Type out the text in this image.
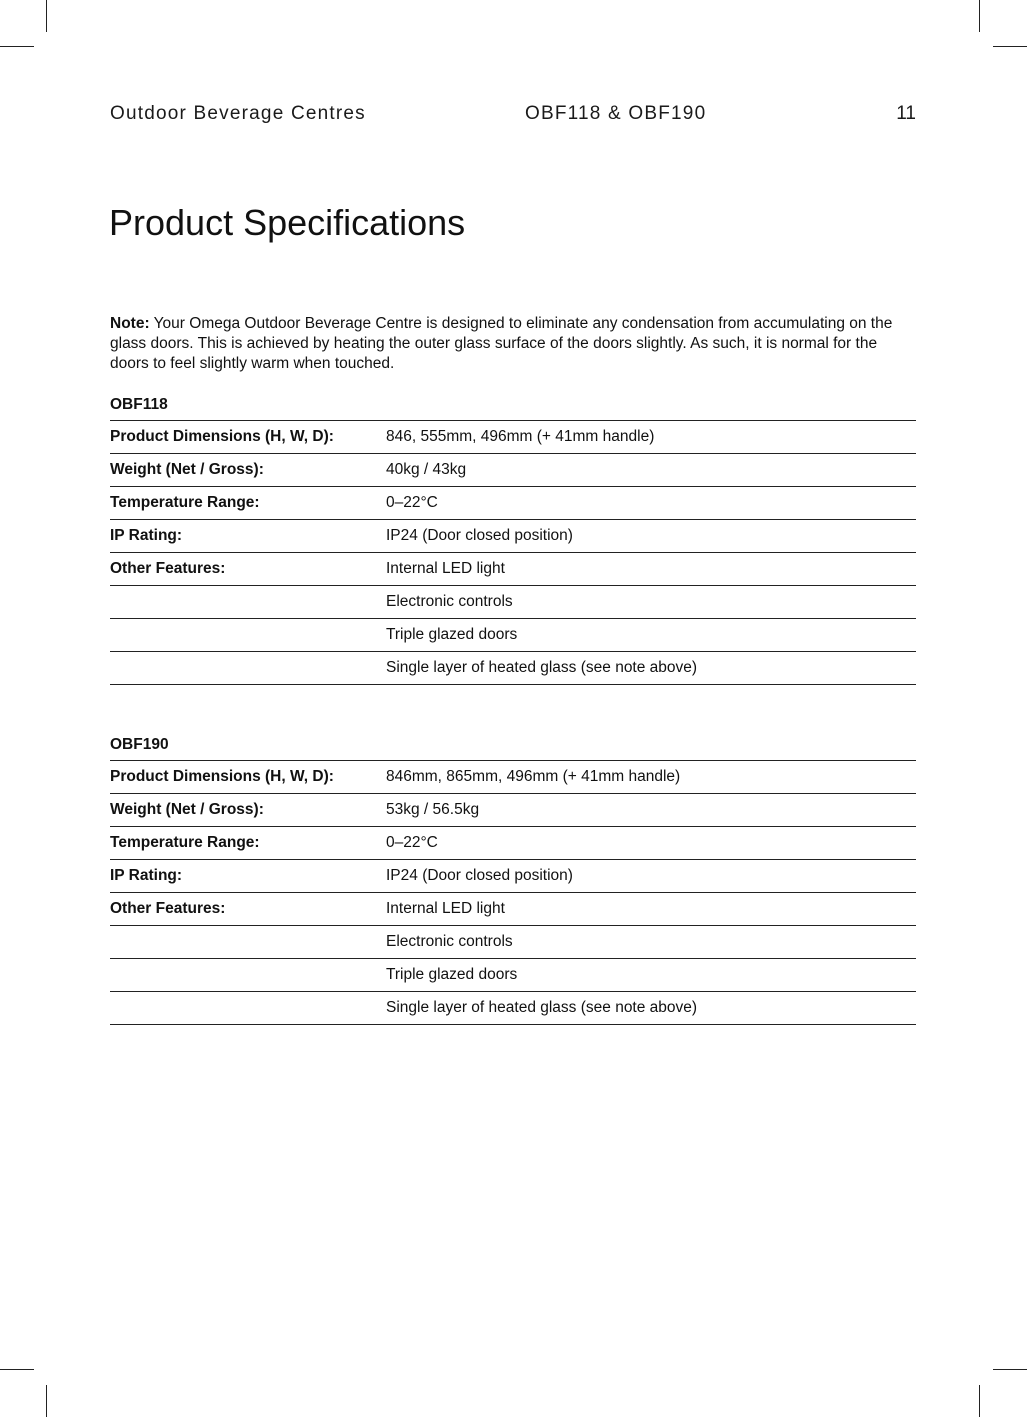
Outdoor Beverage Centres	OBF118 & OBF190	11
Product Specifications

Note: Your Omega Outdoor Beverage Centre is designed to eliminate any condensation from accumulating on the glass doors. This is achieved by heating the outer glass surface of the doors slightly. As such, it is normal for the doors to feel slightly warm when touched.

OBF118
Product Dimensions (H, W, D):	846, 555mm, 496mm (+ 41mm handle)
Weight (Net / Gross):	40kg / 43kg
Temperature Range:	0–22°C
IP Rating:	IP24 (Door closed position)
Other Features:	Internal LED light
	Electronic controls
	Triple glazed doors
	Single layer of heated glass (see note above)
OBF190
Product Dimensions (H, W, D):	846mm, 865mm, 496mm (+ 41mm handle)
Weight (Net / Gross):	53kg / 56.5kg
Temperature Range:	0–22°C
IP Rating:	IP24 (Door closed position)
Other Features:	Internal LED light
	Electronic controls
	Triple glazed doors
	Single layer of heated glass (see note above)
